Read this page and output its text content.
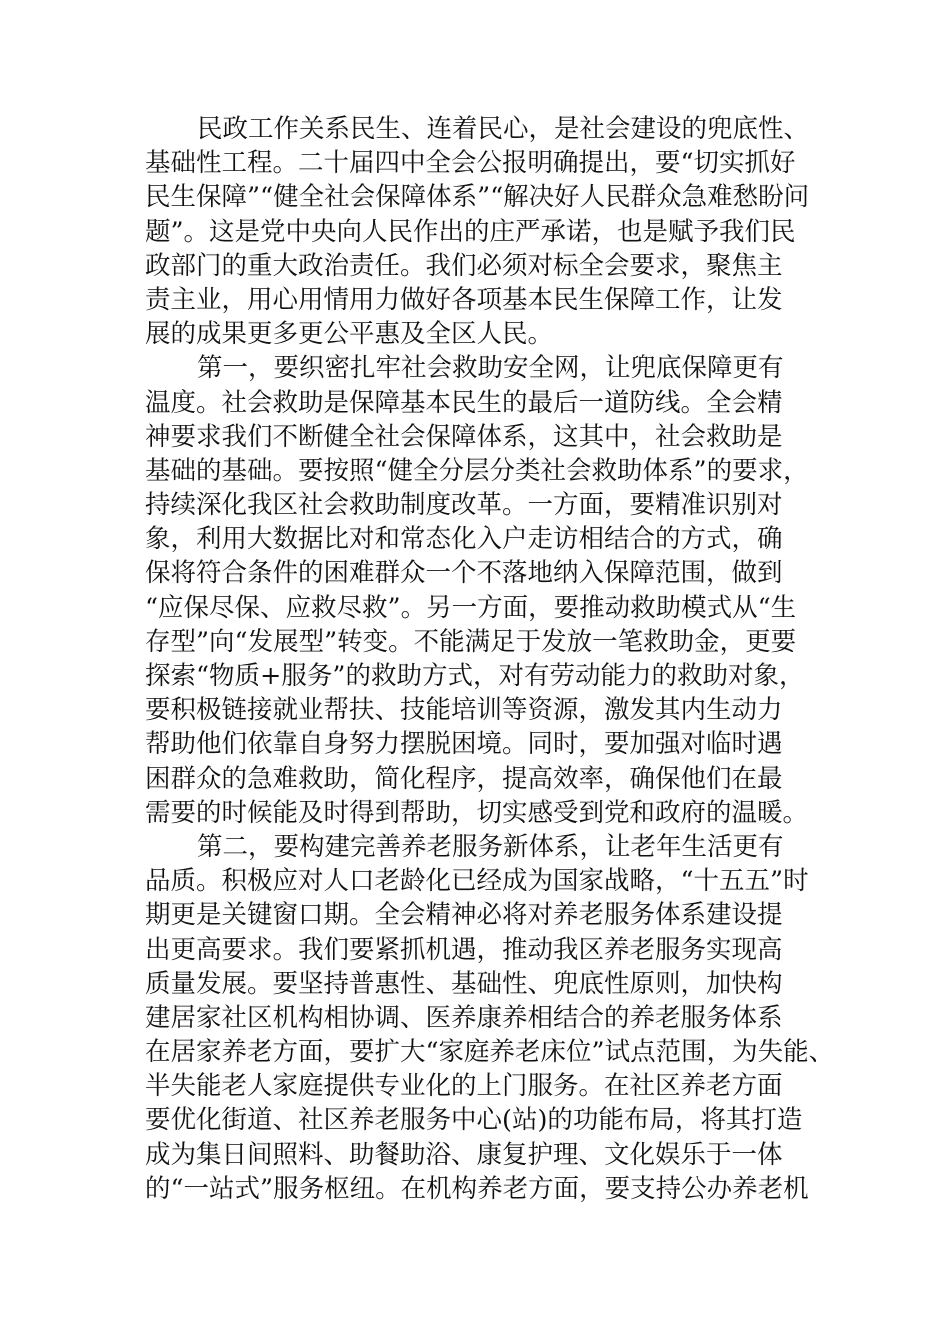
民政工作关系民生、连着民心，是社会建设的兜底性、
基础性工程。二十届四中全会公报明确提出，要“切实抓好
民生保障”“健全社会保障体系”“解决好人民群众急难愁盼问
题”。这是党中央向人民作出的庄严承诺，也是赋予我们民
政部门的重大政治责任。我们必须对标全会要求，聚焦主
责主业，用心用情用力做好各项基本民生保障工作，让发
展的成果更多更公平惠及全区人民。
第一，要织密扎牢社会救助安全网，让兜底保障更有
温度。社会救助是保障基本民生的最后一道防线。全会精
神要求我们不断健全社会保障体系，这其中，社会救助是
基础的基础。要按照“健全分层分类社会救助体系”的要求，
持续深化我区社会救助制度改革。一方面，要精准识别对
象，利用大数据比对和常态化入户走访相结合的方式，确
保将符合条件的困难群众一个不落地纳入保障范围，做到
“应保尽保、应救尽救”。另一方面，要推动救助模式从“生
存型”向“发展型”转变。不能满足于发放一笔救助金，更要
探索“物质+服务”的救助方式，对有劳动能力的救助对象，
要积极链接就业帮扶、技能培训等资源，激发其内生动力
帮助他们依靠自身努力摆脱困境。同时，要加强对临时遇
困群众的急难救助，简化程序，提高效率，确保他们在最
需要的时候能及时得到帮助，切实感受到党和政府的温暖。
第二，要构建完善养老服务新体系，让老年生活更有
品质。积极应对人口老龄化已经成为国家战略，“十五五”时
期更是关键窗口期。全会精神必将对养老服务体系建设提
出更高要求。我们要紧抓机遇，推动我区养老服务实现高
质量发展。要坚持普惠性、基础性、兜底性原则，加快构
建居家社区机构相协调、医养康养相结合的养老服务体系
在居家养老方面，要扩大“家庭养老床位”试点范围，为失能、
半失能老人家庭提供专业化的上门服务。在社区养老方面
要优化街道、社区养老服务中心(站)的功能布局，将其打造
成为集日间照料、助餐助浴、康复护理、文化娱乐于一体
的“一站式”服务枢纽。在机构养老方面，要支持公办养老机
